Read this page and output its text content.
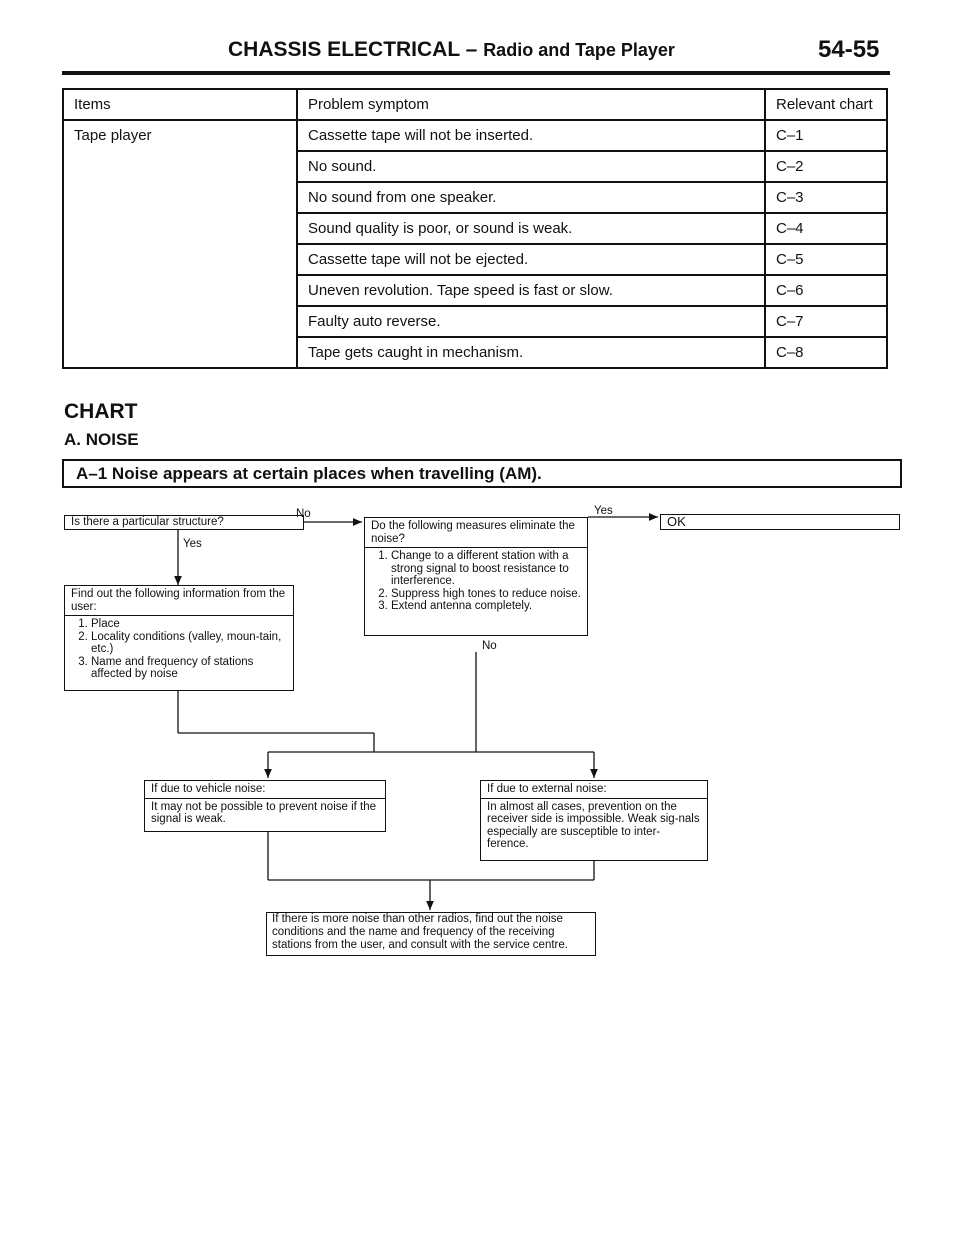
CHASSIS ELECTRICAL – Radio and Tape Player	54-55
Items	Problem symptom	Relevant chart
Tape player	Cassette tape will not be inserted.	C–1
	No sound.	C–2
	No sound from one speaker.	C–3
	Sound quality is poor, or sound is weak.	C–4
	Cassette tape will not be ejected.	C–5
	Uneven revolution. Tape speed is fast or slow.	C–6
	Faulty auto reverse.	C–7
	Tape gets caught in mechanism.	C–8
CHART
A. NOISE
A–1 Noise appears at certain places when travelling (AM).
Is there a particular structure?
No
Yes
Find out the following information from the user:
1. Place
2. Locality conditions (valley, moun-tain, etc.)
3. Name and frequency of stations affected by noise
Do the following measures eliminate the noise?
1. Change to a different station with a strong signal to boost resistance to interference.
2. Suppress high tones to reduce noise.
3. Extend antenna completely.
Yes
No
OK
If due to vehicle noise:
It may not be possible to prevent noise if the signal is weak.
If due to external noise:
In almost all cases, prevention on the receiver side is impossible. Weak sig-nals especially are susceptible to inter-ference.
If there is more noise than other radios, find out the noise conditions and the name and frequency of the receiving stations from the user, and consult with the service centre.
